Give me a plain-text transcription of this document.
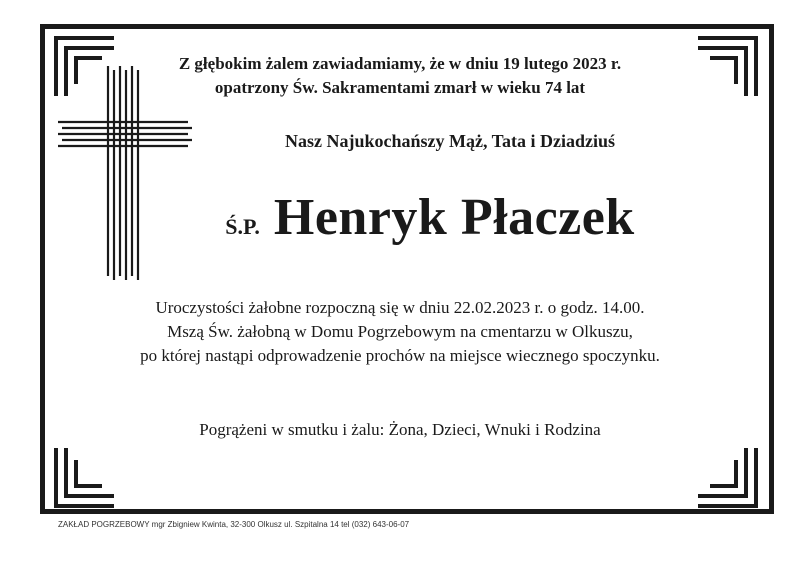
Z głębokim żalem zawiadamiamy, że w dniu 19 lutego 2023 r.
opatrzony Św. Sakramentami zmarł w wieku 74 lat
Nasz Najukochańszy Mąż, Tata i Dziadziuś
Ś.P. Henryk Płaczek
Uroczystości żałobne rozpoczną się w dniu 22.02.2023 r. o godz. 14.00.
Mszą Św. żałobną w Domu Pogrzebowym na cmentarzu w Olkuszu,
po której nastąpi odprowadzenie prochów na miejsce wiecznego spoczynku.
Pogrążeni w smutku i żalu: Żona, Dzieci, Wnuki i Rodzina
ZAKŁAD POGRZEBOWY mgr Zbigniew Kwinta, 32-300 Olkusz ul. Szpitalna 14 tel (032) 643-06-07
